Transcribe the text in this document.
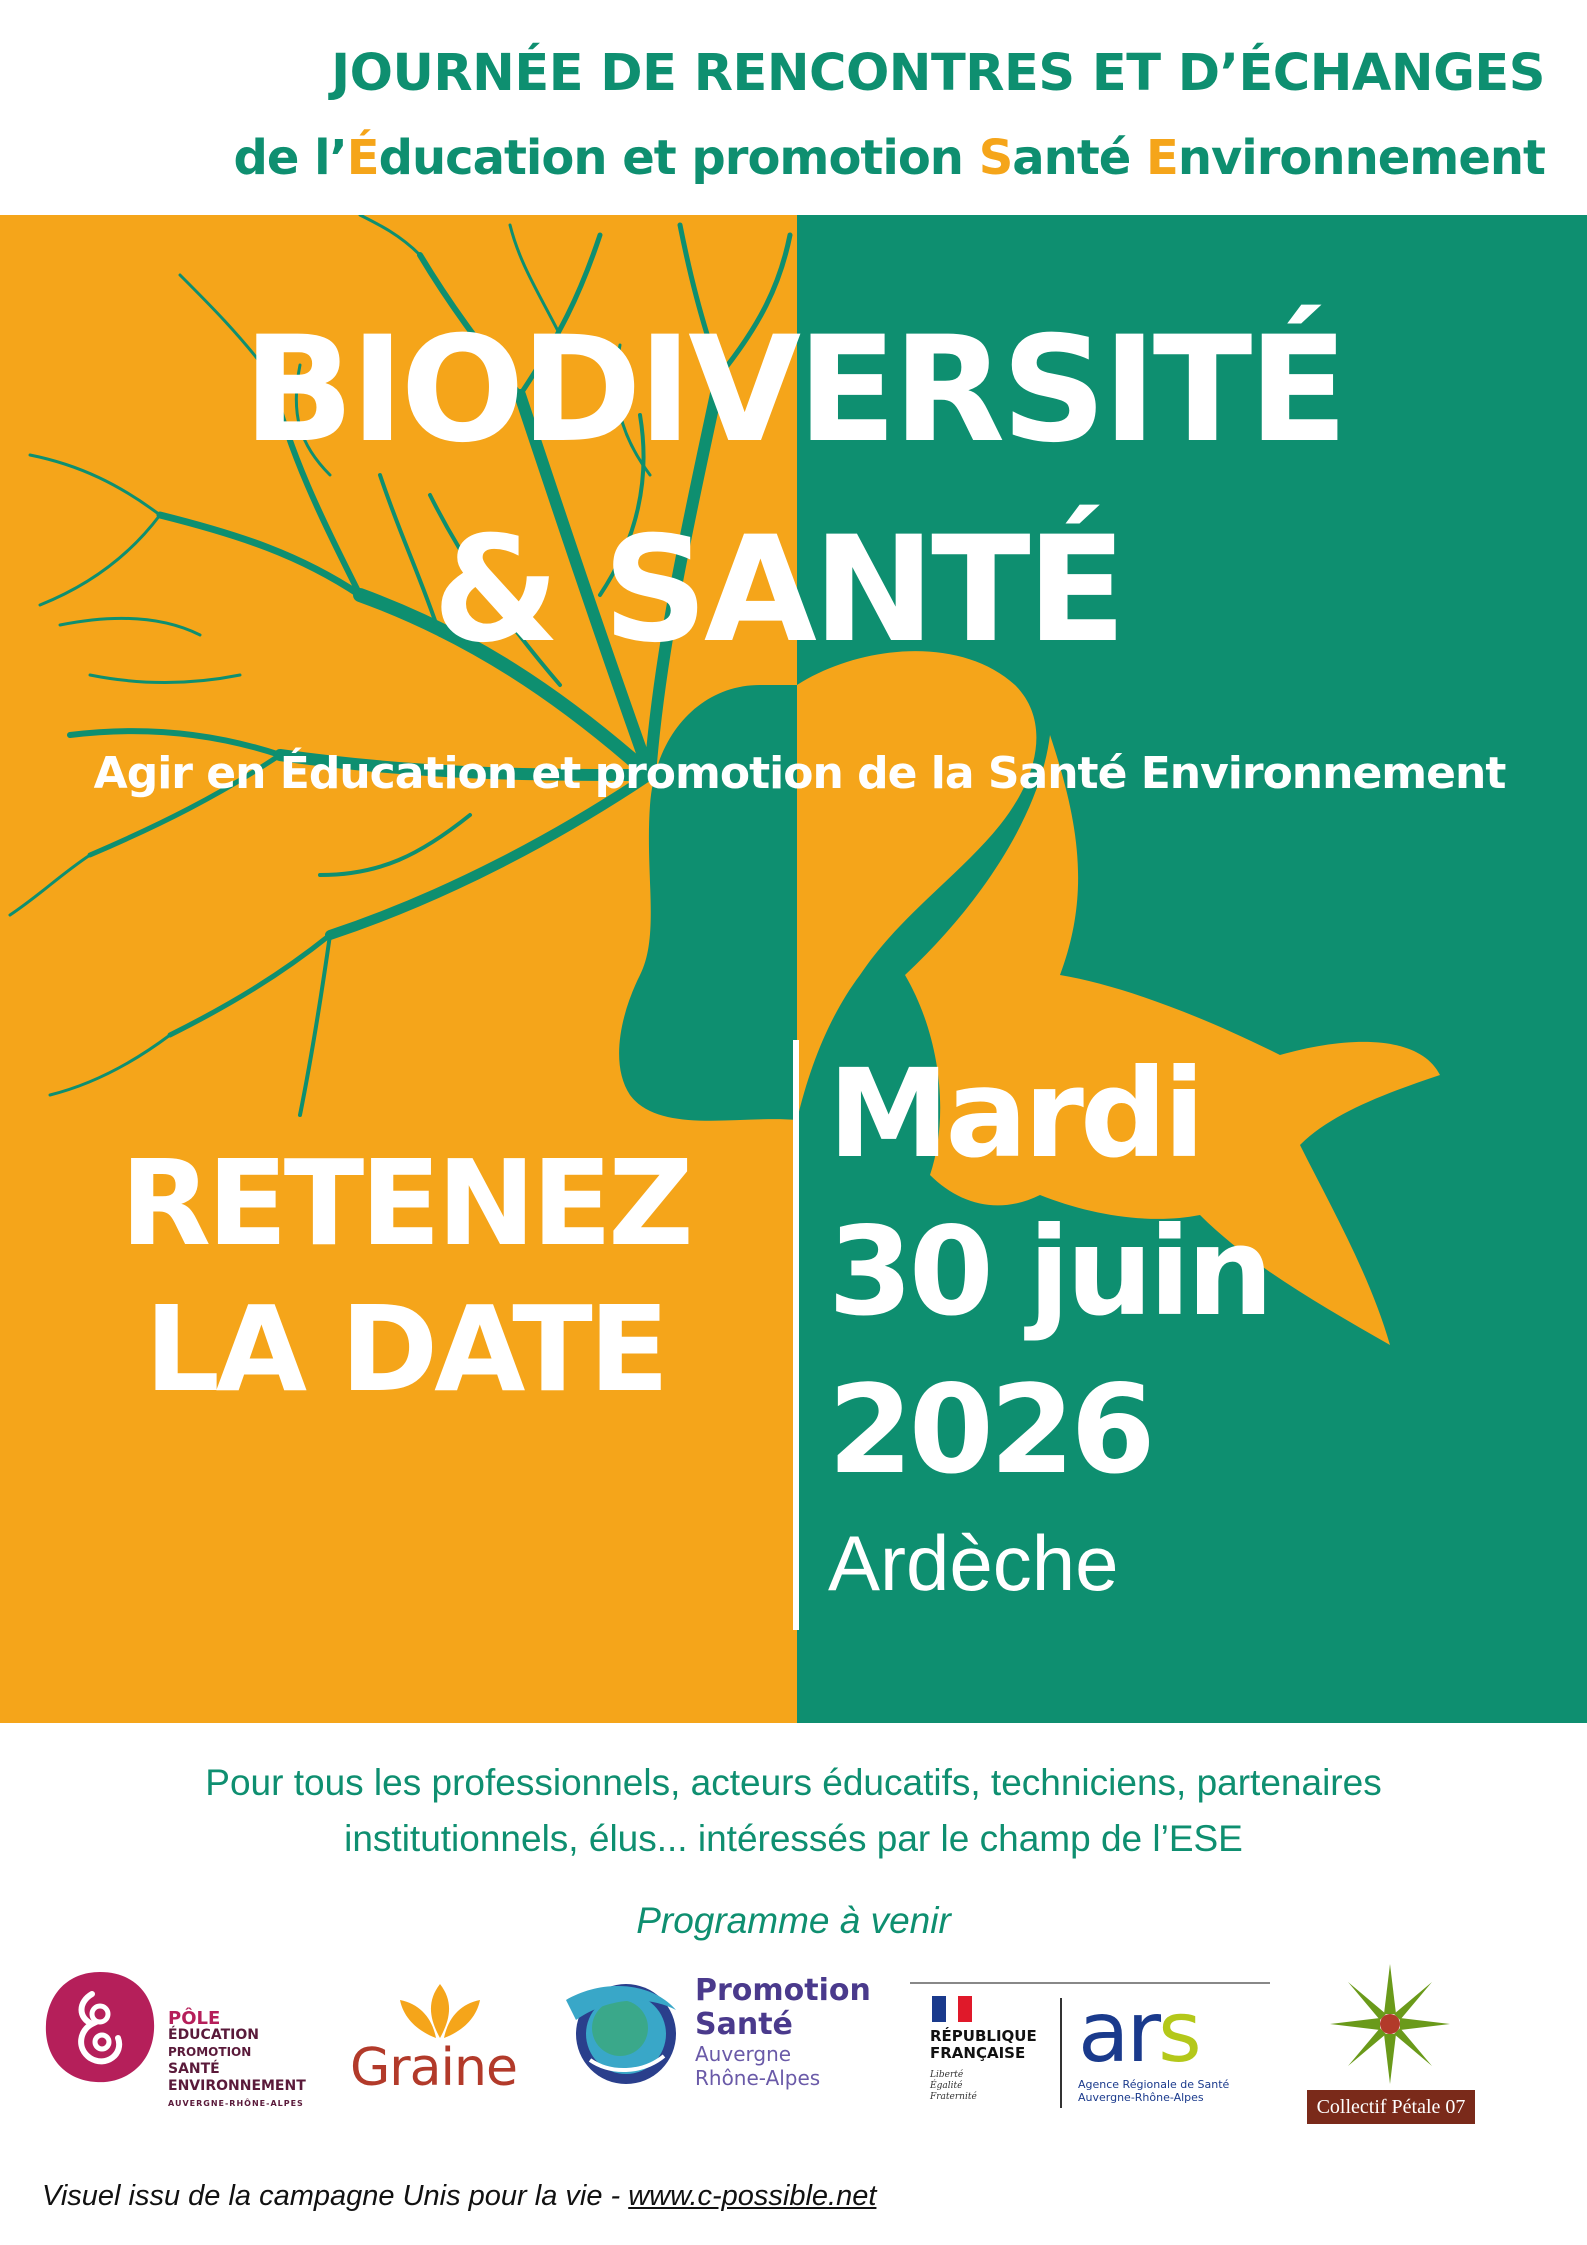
JOURNÉE DE RENCONTRES ET D’ÉCHANGES
de l’Éducation et promotion Santé Environnement
BIODIVERSITÉ
& SANTÉ
Agir en Éducation et promotion de la Santé Environnement
RETENEZ
LA DATE
Mardi
30 juin
2026
Ardèche
Pour tous les professionnels, acteurs éducatifs, techniciens, partenaires
institutionnels, élus... intéressés par le champ de l’ESE
Programme à venir
PÔLE
ÉDUCATION
PROMOTION
SANTÉ
ENVIRONNEMENT
AUVERGNE-RHÔNE-ALPES
Graine
Promotion
Santé
Auvergne
Rhône-Alpes
RÉPUBLIQUE
FRANÇAISE
Liberté
Égalité
Fraternité
ars
Agence Régionale de Santé
Auvergne-Rhône-Alpes	Collectif Pétale 07
Visuel issu de la campagne Unis pour la vie - www.c-possible.net
